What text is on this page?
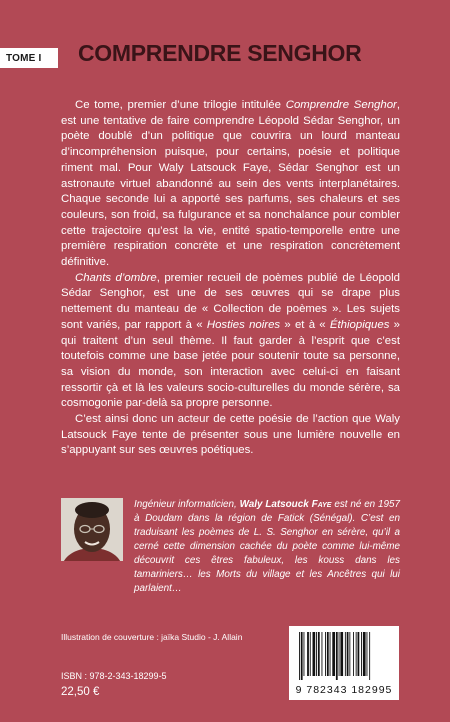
TOME I COMPRENDRE SENGHOR

Ce tome, premier d’une trilogie intitulée Comprendre Senghor, est une tentative de faire comprendre Léopold Sédar Senghor, un poète doublé d’un politique que couvrira un lourd manteau d’incompréhension puisque, pour certains, poésie et politique riment mal. Pour Waly Latsouck Faye, Sédar Senghor est un astronaute virtuel abandonné au sein des vents interplanétaires. Chaque seconde lui a apporté ses parfums, ses chaleurs et ses couleurs, son froid, sa fulgurance et sa nonchalance pour combler cette trajectoire qu’est la vie, entité spatio-temporelle entre une première respiration concrète et une respiration concrètement définitive.

Chants d’ombre, premier recueil de poèmes publié de Léopold Sédar Senghor, est une de ses œuvres qui se drape plus nettement du manteau de « Collection de poèmes ». Les sujets sont variés, par rapport à « Hosties noires » et à « Éthiopiques » qui traitent d’un seul thème. Il faut garder à l’esprit que c’est toutefois comme une base jetée pour soutenir toute sa personne, sa vision du monde, son interaction avec celui-ci en faisant ressortir çà et là les valeurs socio-culturelles du monde sérère, sa cosmogonie par-delà sa propre personne.

C’est ainsi donc un acteur de cette poésie de l’action que Waly Latsouck Faye tente de présenter sous une lumière nouvelle en s’appuyant sur ses œuvres poétiques.

Ingénieur informaticien, Waly Latsouck Faye est né en 1957 à Doudam dans la région de Fatick (Sénégal). C’est en traduisant les poèmes de L. S. Senghor en sérère, qu’il a cerné cette dimension cachée du poète comme lui-même découvrit ces êtres fabuleux, les kouss dans les tamariniers… les Morts du village et les Ancêtres qui lui parlaient…
Illustration de couverture : jaïka Studio - J. Allain
ISBN : 978-2-343-18299-5
22,50 €	9 782343 182995
